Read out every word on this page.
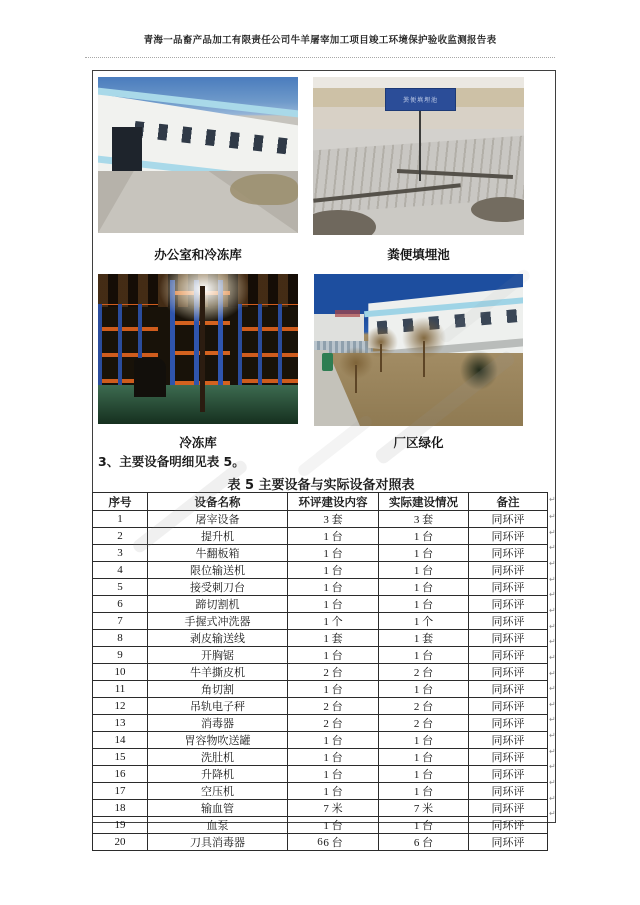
青海一品畜产品加工有限责任公司牛羊屠宰加工项目竣工环境保护验收监测报告表
粪便填埋池
办公室和冷冻库	粪便填埋池
冷冻库	厂区绿化
3、主要设备明细见表 5。
表 5 主要设备与实际设备对照表
序号	设备名称	环评建设内容	实际建设情况	备注
1	屠宰设备	3 套	3 套	同环评
2	提升机	1 台	1 台	同环评
3	牛翻板箱	1 台	1 台	同环评
4	限位输送机	1 台	1 台	同环评
5	接受刺刀台	1 台	1 台	同环评
6	蹄切割机	1 台	1 台	同环评
7	手握式冲洗器	1 个	1 个	同环评
8	剥皮输送线	1 套	1 套	同环评
9	开胸锯	1 台	1 台	同环评
10	牛羊撕皮机	2 台	2 台	同环评
11	角切割	1 台	1 台	同环评
12	吊轨电子秤	2 台	2 台	同环评
13	消毒器	2 台	2 台	同环评
14	胃容物吹送罐	1 台	1 台	同环评
15	洗肚机	1 台	1 台	同环评
16	升降机	1 台	1 台	同环评
17	空压机	1 台	1 台	同环评
18	输血管	7 米	7 米	同环评
19	血泵	1 台	1 台	同环评
20	刀具消毒器	6 台	6 台	同环评
↵
↵
↵
↵
↵
↵
↵
↵
↵
↵
↵
↵
↵
↵
↵
↵
↵
↵
↵
↵
↵
6
